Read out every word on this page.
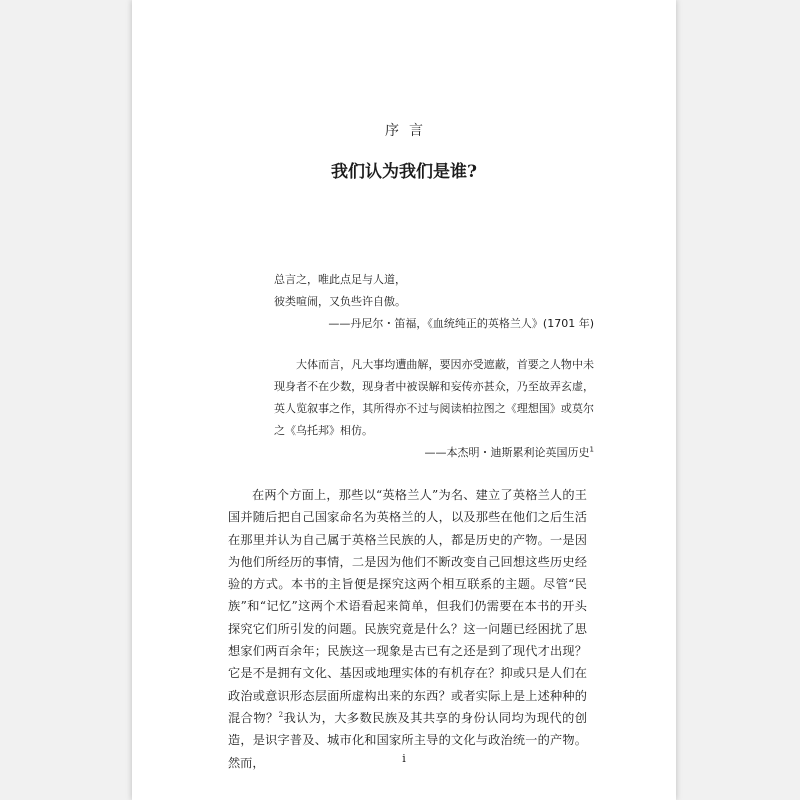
序言
我们认为我们是谁?
总言之，唯此点足与人道，
彼类喧闹，又负些许自傲。
——丹尼尔・笛福，《血统纯正的英格兰人》(1701 年)
大体而言，凡大事均遭曲解，要因亦受遮蔽，首要之人物中未现身者不在少数，现身者中被误解和妄传亦甚众，乃至故弄玄虚，英人览叙事之作，其所得亦不过与阅读柏拉图之《理想国》或莫尔之《乌托邦》相仿。
——本杰明・迪斯累利论英国历史$^1$
在两个方面上，那些以“英格兰人”为名、建立了英格兰人的王国并随后把自己国家命名为英格兰的人，以及那些在他们之后生活在那里并认为自己属于英格兰民族的人，都是历史的产物。一是因为他们所经历的事情，二是因为他们不断改变自己回想这些历史经验的方式。本书的主旨便是探究这两个相互联系的主题。尽管“民族”和“记忆”这两个术语看起来简单，但我们仍需要在本书的开头探究它们所引发的问题。民族究竟是什么？这一问题已经困扰了思想家们两百余年；民族这一现象是古已有之还是到了现代才出现？它是不是拥有文化、基因或地理实体的有机存在？抑或只是人们在政治或意识形态层面所虚构出来的东西？或者实际上是上述种种的混合物？$^2$我认为，大多数民族及其共享的身份认同均为现代的创造，是识字普及、城市化和国家所主导的文化与政治统一的产物。然而，	i
